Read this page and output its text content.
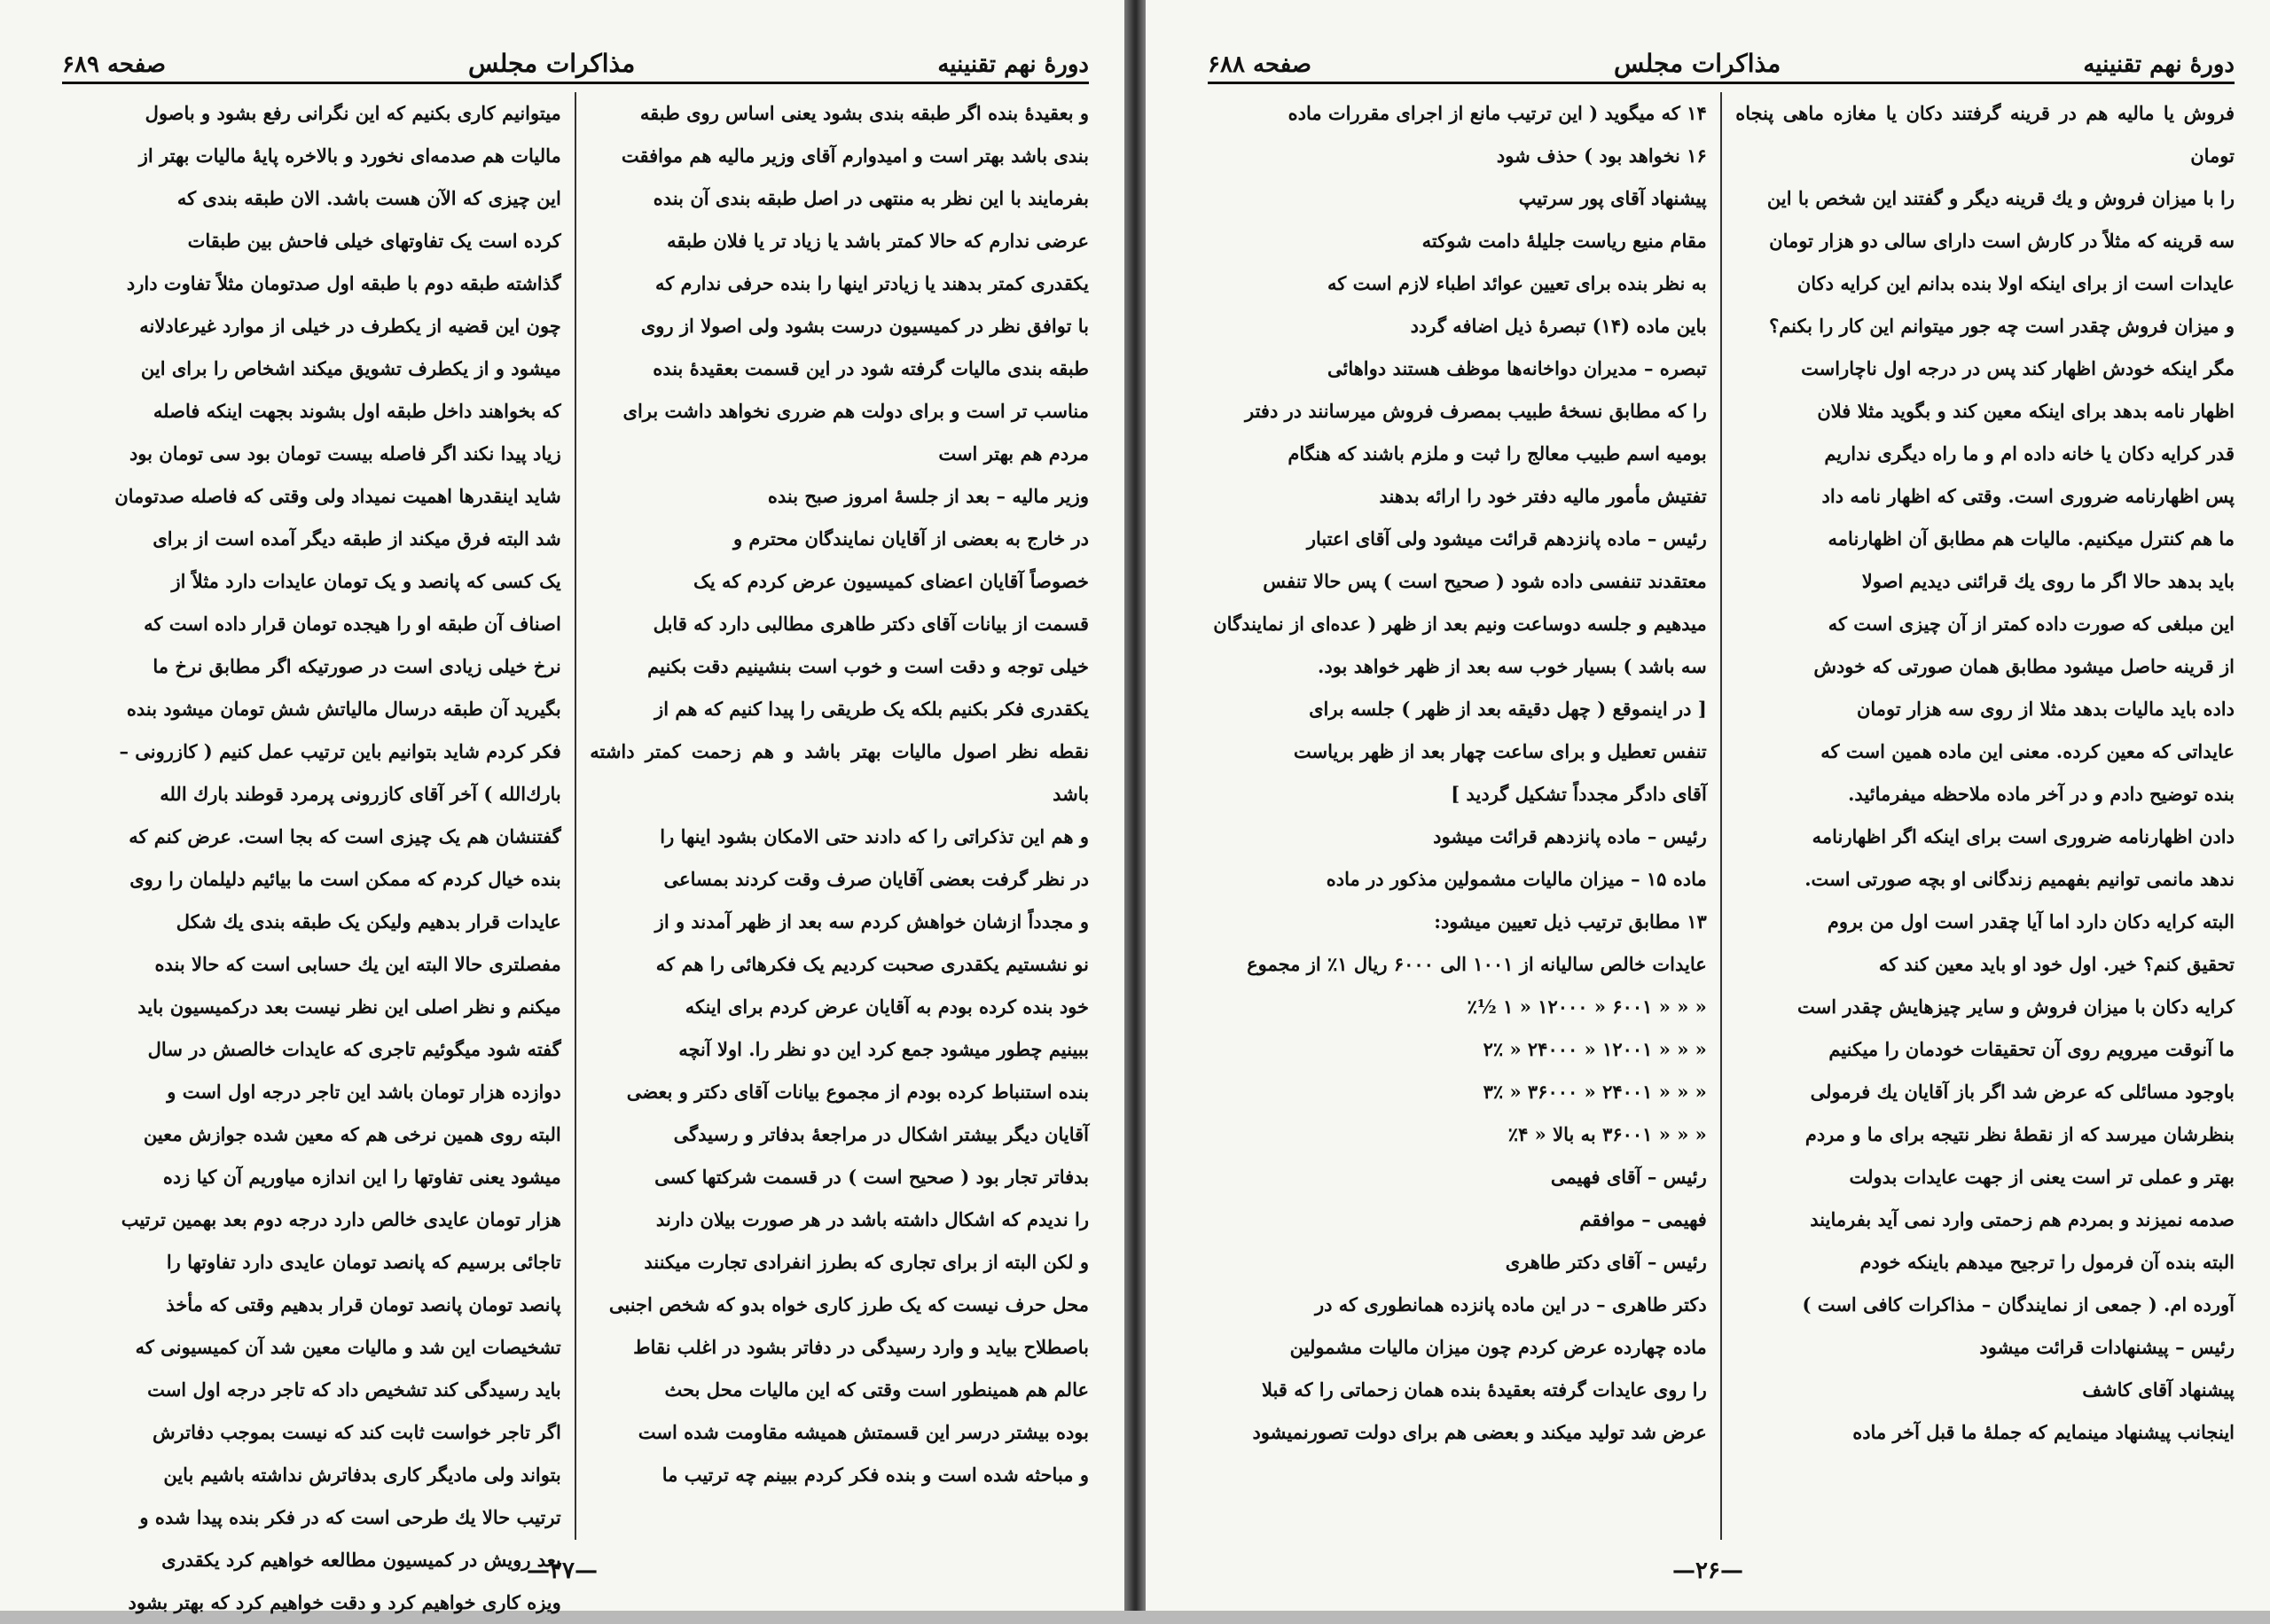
دورهٔ نهم تقنینیه
مذاکرات مجلس
صفحه ۶۸۹

و بعقیدهٔ بنده اگر طبقه بندی بشود یعنی اساس روی طبقه

بندی باشد بهتر است و امیدوارم آقای وزیر مالیه هم موافقت

بفرمایند با این نظر به منتهی در اصل طبقه بندی آن بنده

عرضی ندارم که حالا کمتر باشد یا زیاد تر یا فلان طبقه

یکقدری کمتر بدهند یا زیادتر اینها را بنده حرفی ندارم که

با توافق نظر در کمیسیون درست بشود ولی اصولا از روی

طبقه بندی مالیات گرفته شود در این قسمت بعقیدهٔ بنده

مناسب تر است و برای دولت هم ضرری نخواهد داشت برای

مردم هم بهتر است

وزیر مالیه – بعد از جلسهٔ امروز صبح بنده

در خارج به بعضی از آقایان نمایندگان محترم و

خصوصاً آقایان اعضای کمیسیون عرض کردم که یک

قسمت از بیانات آقای دکتر طاهری مطالبی دارد که قابل

خیلی توجه و دقت است و خوب است بنشینیم دقت بکنیم

یکقدری فکر بکنیم بلکه یک طریقی را پیدا کنیم که هم از

نقطه نظر اصول مالیات بهتر باشد و هم زحمت کمتر داشته باشد

و هم این تذکراتی را که دادند حتی الامکان بشود اینها را

در نظر گرفت بعضی آقایان صرف وقت کردند بمساعی

و مجدداً ازشان خواهش کردم سه بعد از ظهر آمدند و از

نو نشستیم یکقدری صحبت کردیم یک فکرهائی را هم که

خود بنده کرده بودم به آقایان عرض کردم برای اینکه

ببینیم چطور میشود جمع کرد این دو نظر را. اولا آنچه

بنده استنباط کرده بودم از مجموع بیانات آقای دکتر و بعضی

آقایان دیگر بیشتر اشکال در مراجعهٔ بدفاتر و رسیدگی

بدفاتر تجار بود ( صحیح است ) در قسمت شرکتها کسی

را ندیدم که اشکال داشته باشد در هر صورت بیلان دارند

و لکن البته از برای تجاری که بطرز انفرادی تجارت میکنند

محل حرف نیست که یک طرز کاری خواه بدو که شخص اجنبی

باصطلاح بیاید و وارد رسیدگی در دفاتر بشود در اغلب نقاط

عالم هم همینطور است وقتی که این مالیات محل بحث

بوده بیشتر درسر این قسمتش همیشه مقاومت شده است

و مباحثه شده است و بنده فکر کردم ببینم چه ترتیب ما

میتوانیم کاری بکنیم که این نگرانی رفع بشود و باصول

مالیات هم صدمه‌ای نخورد و بالاخره پایهٔ مالیات بهتر از

این چیزی که الآن هست باشد. الان طبقه بندی که

کرده است یک تفاوتهای خیلی فاحش بین طبقات

گذاشته طبقه دوم با طبقه اول صدتومان مثلاً تفاوت دارد

چون این قضیه از یکطرف در خیلی از موارد غیرعادلانه

میشود و از یکطرف تشویق میکند اشخاص را برای این

که بخواهند داخل طبقه اول بشوند بجهت اینکه فاصله

زیاد پیدا نکند اگر فاصله بیست تومان بود سی تومان بود

شاید اینقدرها اهمیت نمیداد ولی وقتی که فاصله صدتومان

شد البته فرق میکند از طبقه دیگر آمده است از برای

یک کسی که پانصد و یک تومان عایدات دارد مثلاً از

اصناف آن طبقه او را هیجده تومان قرار داده است که

نرخ خیلی زیادی است در صورتیکه اگر مطابق نرخ ما

بگیرید آن طبقه درسال مالیاتش شش تومان میشود بنده

فکر کردم شاید بتوانیم باین ترتیب عمل کنیم ( کازرونی –

بارك‌الله ) آخر آقای کازرونی پرمرد قوطند بارك الله

گفتنشان هم یک چیزی است که بجا است. عرض کنم که

بنده خیال کردم که ممکن است ما بیائیم دلیلمان را روی

عایدات قرار بدهیم ولیکن یک طبقه بندی یك شکل

مفصلتری حالا البته این یك حسابی است که حالا بنده

میکنم و نظر اصلی این نظر نیست بعد درکمیسیون باید

گفته شود میگوئیم تاجری که عایدات خالصش در سال

دوازده هزار تومان باشد این تاجر درجه اول است و

البته روی همین نرخی هم که معین شده جوازش معین

میشود یعنی تفاوتها را این اندازه میاوریم آن کیا زده

هزار تومان عایدی خالص دارد درجه دوم بعد بهمین ترتیب

تاجائی برسیم که پانصد تومان عایدی دارد تفاوتها را

پانصد تومان پانصد تومان قرار بدهیم وقتی که مأخذ

تشخیصات این شد و مالیات معین شد آن کمیسیونی که

باید رسیدگی کند تشخیص داد که تاجر درجه اول است

اگر تاجر خواست ثابت کند که نیست بموجب دفاترش

بتواند ولی مادیگر کاری بدفاترش نداشته باشیم باین

ترتیب حالا یك طرحی است که در فکر بنده پیدا شده و

بعد رویش در کمیسیون مطالعه خواهیم کرد یکقدری

ویزه کاری خواهیم کرد و دقت خواهیم کرد که بهتر بشود

—۲۷—
دورهٔ نهم تقنینیه
مذاکرات مجلس
صفحه ۶۸۸

فروش یا مالیه هم در قرینه گرفتند دکان یا مغازه ماهی پنجاه تومان

را با میزان فروش و یك قرینه دیگر و گفتند این شخص با این

سه قرینه که مثلاً در کارش است دارای سالی دو هزار تومان

عایدات است از برای اینکه اولا بنده بدانم این کرایه دکان

و میزان فروش چقدر است چه جور میتوانم این کار را بکنم؟

مگر اینکه خودش اظهار کند پس در درجه اول ناچاراست

اظهار نامه بدهد برای اینکه معین کند و بگوید مثلا فلان

قدر کرایه دکان یا خانه داده ام و ما راه دیگری نداریم

پس اظهارنامه ضروری است. وقتی که اظهار نامه داد

ما هم کنترل میکنیم. مالیات هم مطابق آن اظهارنامه

باید بدهد حالا اگر ما روی یك قرائنی دیدیم اصولا

این مبلغی که صورت داده کمتر از آن چیزی است که

از قرینه حاصل میشود مطابق همان صورتی که خودش

داده باید مالیات بدهد مثلا از روی سه هزار تومان

عایداتی که معین کرده. معنی این ماده همین است که

بنده توضیح دادم و در آخر ماده ملاحظه میفرمائید.

دادن اظهارنامه ضروری است برای اینکه اگر اظهارنامه

ندهد مانمی توانیم بفهمیم زندگانی او بچه صورتی است.

البته کرایه دکان دارد اما آیا چقدر است اول من بروم

تحقیق کنم؟ خیر. اول خود او باید معین کند که

کرایه دکان با میزان فروش و سایر چیزهایش چقدر است

ما آنوقت میرویم روی آن تحقیقات خودمان را میکنیم

باوجود مسائلی که عرض شد اگر باز آقایان یك فرمولی

بنظرشان میرسد که از نقطهٔ نظر نتیجه برای ما و مردم

بهتر و عملی تر است یعنی از جهت عایدات بدولت

صدمه نمیزند و بمردم هم زحمتی وارد نمی آید بفرمایند

البته بنده آن فرمول را ترجیح میدهم باینکه خودم

آورده ام. ( جمعی از نمایندگان – مذاکرات کافی است )

رئیس – پیشنهادات قرائت میشود

پیشنهاد آقای کاشف

اینجانب پیشنهاد مینمایم که جملهٔ ما قبل آخر ماده

۱۴ که میگوید ( این ترتیب مانع از اجرای مقررات ماده

۱۶ نخواهد بود ) حذف شود

پیشنهاد آقای پور سرتیپ

مقام منیع ریاست جلیلهٔ دامت شوکته

به نظر بنده برای تعیین عوائد اطباء لازم است که

باین ماده (۱۴) تبصرهٔ ذیل اضافه گردد

تبصره – مدیران دواخانه‌ها موظف هستند دواهائی

را که مطابق نسخهٔ طبیب بمصرف فروش میرسانند در دفتر

بومیه اسم طبیب معالج را ثبت و ملزم باشند که هنگام

تفتیش مأمور مالیه دفتر خود را ارائه بدهند

رئیس – ماده پانزدهم قرائت میشود ولی آقای اعتبار

معتقدند تنفسی داده شود ( صحیح است ) پس حالا تنفس

میدهیم و جلسه دوساعت ونیم بعد از ظهر ( عده‌ای از نمایندگان

سه باشد ) بسیار خوب سه بعد از ظهر خواهد بود.

[ در اینموقع ( چهل دقیقه بعد از ظهر ) جلسه برای

تنفس تعطیل و برای ساعت چهار بعد از ظهر بریاست

آقای دادگر مجدداً تشکیل گردید ]

رئیس – ماده پانزدهم قرائت میشود

ماده ۱۵ – میزان مالیات مشمولین مذکور در ماده

۱۳ مطابق ترتیب ذیل تعیین میشود:

عایدات خالص سالیانه از ۱۰۰۱ الی ۶۰۰۰ ریال ۱٪ از مجموع

« « « ۶۰۰۱ « ۱۲۰۰۰ « ۱ ½٪

« « « ۱۲۰۰۱ « ۲۴۰۰۰ « ۲٪

« « « ۲۴۰۰۱ « ۳۶۰۰۰ « ۳٪

« « « ۳۶۰۰۱ به بالا « ۴٪

رئیس – آقای فهیمی

فهیمی – موافقم

رئیس – آقای دکتر طاهری

دکتر طاهری – در این ماده پانزده همانطوری که در

ماده چهارده عرض کردم چون میزان مالیات مشمولین

را روی عایدات گرفته بعقیدهٔ بنده همان زحماتی را که قبلا

عرض شد تولید میکند و بعضی هم برای دولت تصورنمیشود

—۲۶—
